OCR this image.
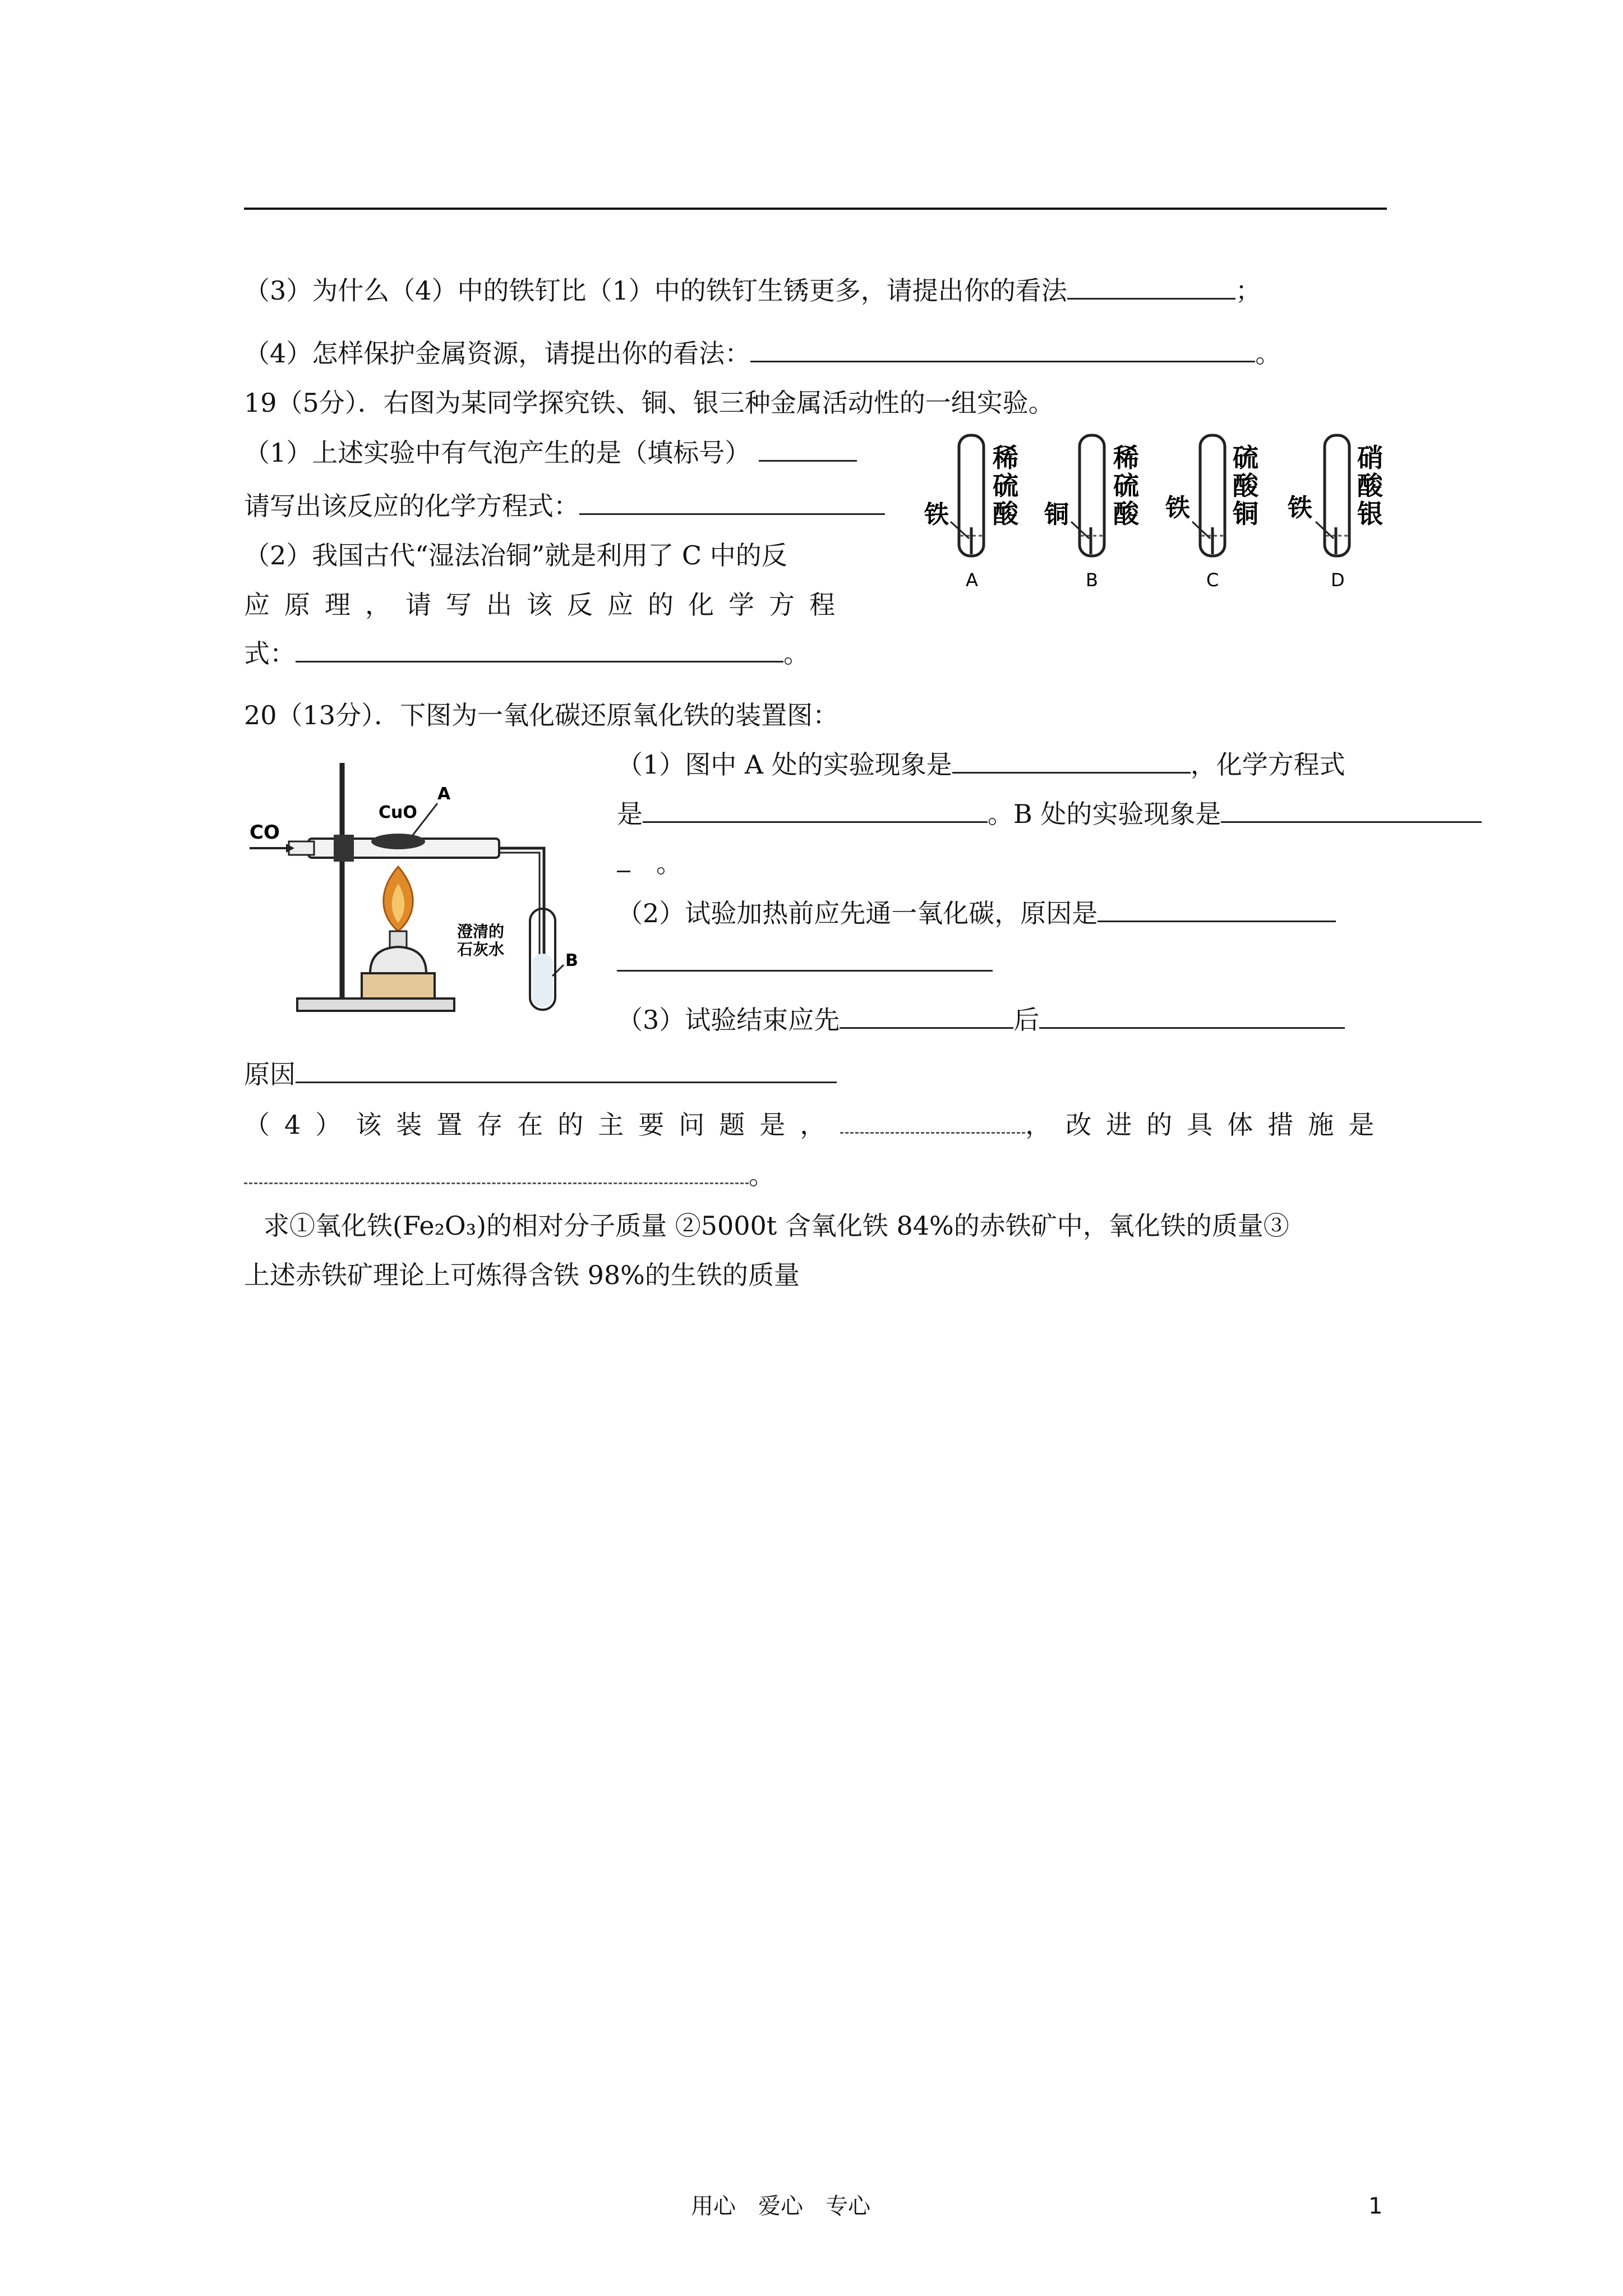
（3）为什么（4）中的铁钉比（1）中的铁钉生锈更多，请提出你的看法	；
（4）怎样保护金属资源，请提出你的看法：	。
19（5分）．右图为某同学探究铁、铜、银三种金属活动性的一组实验。
（1）上述实验中有气泡产生的是（填标号）
请写出该反应的化学方程式：
（2）我国古代“湿法冶铜”就是利用了 C 中的反
应原理，请写出该反应的化学方程
式：	。
铁
稀
硫
酸
A
铜
稀
硫
酸
B
铁
硫
酸
铜
C
铁
硝
酸
银
D
20（13分）．下图为一氧化碳还原氧化铁的装置图：
CO
CuO
A
澄清的
石灰水
B
（1）图中 A 处的实验现象是	，化学方程式
是	。B 处的实验现象是
　。
（2）试验加热前应先通一氧化碳，原因是
（3）试验结束应先	后
原因
（4）该装置存在的主要问题是，	，改进的具体措施是
。
求①氧化铁(Fe₂O₃)的相对分子质量 ②5000t 含氧化铁 84%的赤铁矿中，氧化铁的质量③
上述赤铁矿理论上可炼得含铁 98%的生铁的质量
用心　爱心　专心	1
